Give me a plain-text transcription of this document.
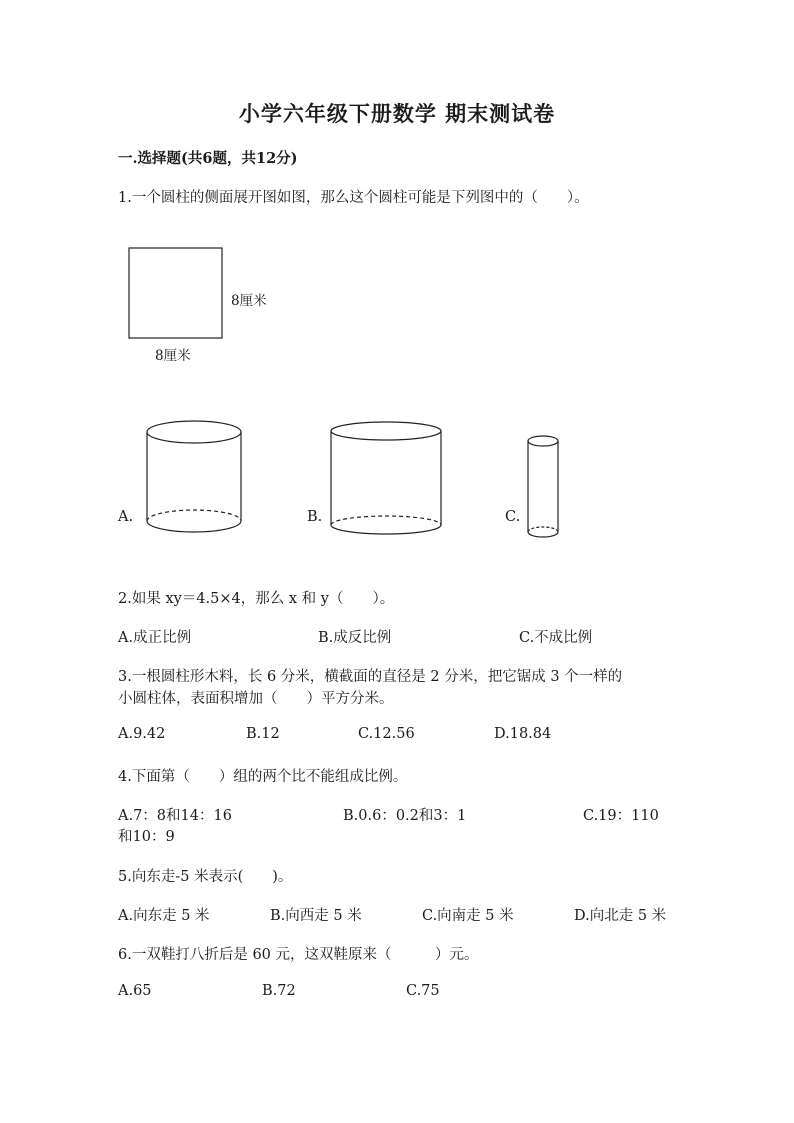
小学六年级下册数学 期末测试卷
一.选择题(共6题，共12分)
1.一个圆柱的侧面展开图如图，那么这个圆柱可能是下列图中的（　　）。
8厘米
8厘米
A.	B.	C.
2.如果 xy＝4.5×4，那么 x 和 y（　　）。
A.成正比例	B.成反比例	C.不成比例
3.一根圆柱形木料，长 6 分米，横截面的直径是 2 分米，把它锯成 3 个一样的
小圆柱体，表面积增加（　　）平方分米。
A.9.42	B.12	C.12.56	D.18.84
4.下面第（　　）组的两个比不能组成比例。
A.7：8和14：16	B.0.6：0.2和3：1	C.19：110
和10：9
5.向东走-5 米表示(　　)。
A.向东走 5 米	B.向西走 5 米	C.向南走 5 米	D.向北走 5 米
6.一双鞋打八折后是 60 元，这双鞋原来（　　　）元。
A.65	B.72	C.75
